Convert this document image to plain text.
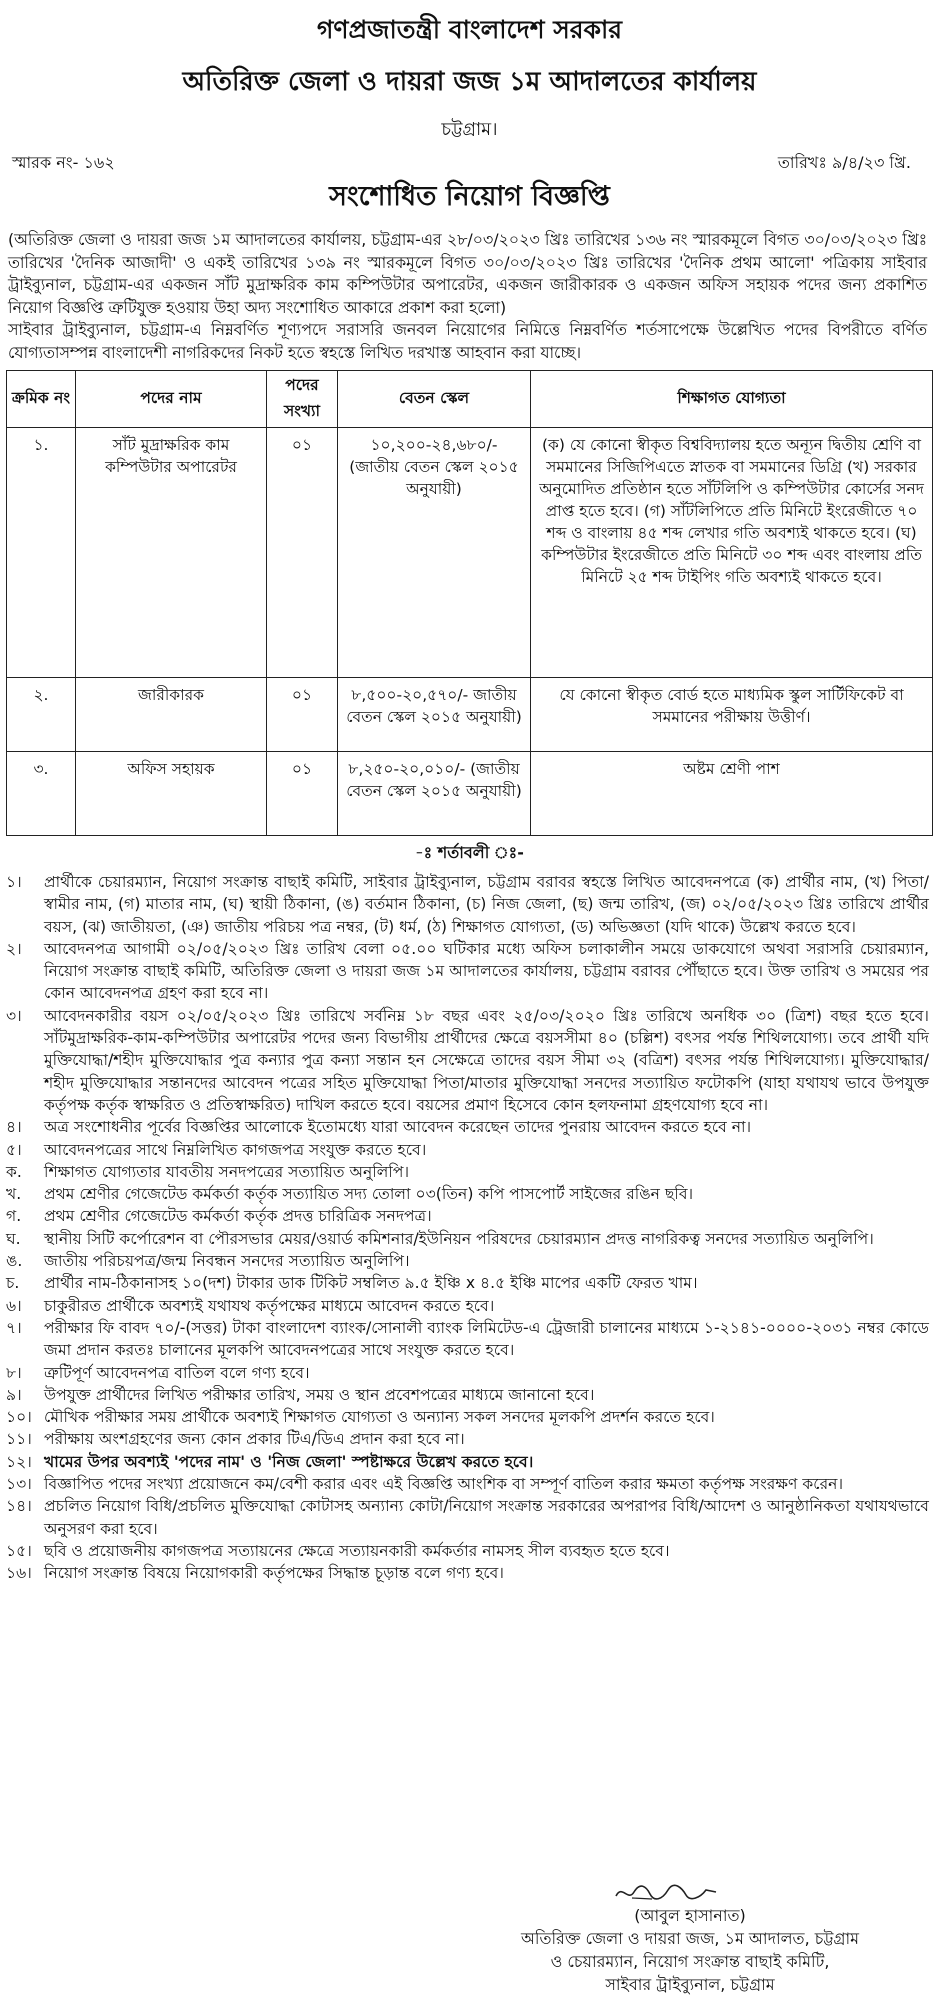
গণপ্রজাতন্ত্রী বাংলাদেশ সরকার
অতিরিক্ত জেলা ও দায়রা জজ ১ম আদালতের কার্যালয়
চট্টগ্রাম।
স্মারক নং- ১৬২	তারিখঃ ৯/৪/২৩ খ্রি.
সংশোধিত নিয়োগ বিজ্ঞপ্তি

(অতিরিক্ত জেলা ও দায়রা জজ ১ম আদালতের কার্যালয়, চট্টগ্রাম-এর ২৮/০৩/২০২৩ খ্রিঃ তারিখের ১৩৬ নং স্মারকমূলে বিগত ৩০/০৩/২০২৩ খ্রিঃ তারিখের 'দৈনিক আজাদী' ও একই তারিখের ১৩৯ নং স্মারকমূলে বিগত ৩০/০৩/২০২৩ খ্রিঃ তারিখের 'দৈনিক প্রথম আলো' পত্রিকায় সাইবার ট্রাইব্যুনাল, চট্টগ্রাম-এর একজন সাঁট মুদ্রাক্ষরিক কাম কম্পিউটার অপারেটর, একজন জারীকারক ও একজন অফিস সহায়ক পদের জন্য প্রকাশিত নিয়োগ বিজ্ঞপ্তি ত্রুটিযুক্ত হওয়ায় উহা অদ্য সংশোধিত আকারে প্রকাশ করা হলো)

সাইবার ট্রাইব্যুনাল, চট্টগ্রাম-এ নিম্নবর্ণিত শূণ্যপদে সরাসরি জনবল নিয়োগের নিমিত্তে নিম্নবর্ণিত শর্তসাপেক্ষে উল্লেখিত পদের বিপরীতে বর্ণিত যোগ্যতাসম্পন্ন বাংলাদেশী নাগরিকদের নিকট হতে স্বহস্তে লিখিত দরখাস্ত আহবান করা যাচ্ছে।

ক্রমিক নং	পদের নাম	পদের সংখ্যা	বেতন স্কেল	শিক্ষাগত যোগ্যতা
১.	সাঁট মুদ্রাক্ষরিক কাম কম্পিউটার অপারেটর	০১	১০,২০০-২৪,৬৮০/- (জাতীয় বেতন স্কেল ২০১৫ অনুযায়ী)	(ক) যে কোনো স্বীকৃত বিশ্ববিদ্যালয় হতে অন্যূন দ্বিতীয় শ্রেণি বা সমমানের সিজিপিএতে স্নাতক বা সমমানের ডিগ্রি (খ) সরকার অনুমোদিত প্রতিষ্ঠান হতে সাঁটলিপি ও কম্পিউটার কোর্সের সনদ প্রাপ্ত হতে হবে। (গ) সাঁটলিপিতে প্রতি মিনিটে ইংরেজীতে ৭০ শব্দ ও বাংলায় ৪৫ শব্দ লেখার গতি অবশ্যই থাকতে হবে। (ঘ) কম্পিউটার ইংরেজীতে প্রতি মিনিটে ৩০ শব্দ এবং বাংলায় প্রতি মিনিটে ২৫ শব্দ টাইপিং গতি অবশ্যই থাকতে হবে।
২.	জারীকারক	০১	৮,৫০০-২০,৫৭০/- জাতীয় বেতন স্কেল ২০১৫ অনুযায়ী)	যে কোনো স্বীকৃত বোর্ড হতে মাধ্যমিক স্কুল সার্টিফিকেট বা সমমানের পরীক্ষায় উত্তীর্ণ।
৩.	অফিস সহায়ক	০১	৮,২৫০-২০,০১০/- (জাতীয় বেতন স্কেল ২০১৫ অনুযায়ী)	অষ্টম শ্রেণী পাশ
-ঃ শর্তাবলী ঃ-
১।	প্রার্থীকে চেয়ারম্যান, নিয়োগ সংক্রান্ত বাছাই কমিটি, সাইবার ট্রাইব্যুনাল, চট্টগ্রাম বরাবর স্বহস্তে লিখিত আবেদনপত্রে (ক) প্রার্থীর নাম, (খ) পিতা/স্বামীর নাম, (গ) মাতার নাম, (ঘ) স্থায়ী ঠিকানা, (ঙ) বর্তমান ঠিকানা, (চ) নিজ জেলা, (ছ) জন্ম তারিখ, (জ) ০২/০৫/২০২৩ খ্রিঃ তারিখে প্রার্থীর বয়স, (ঝ) জাতীয়তা, (ঞ) জাতীয় পরিচয় পত্র নম্বর, (ট) ধর্ম, (ঠ) শিক্ষাগত যোগ্যতা, (ড) অভিজ্ঞতা (যদি থাকে) উল্লেখ করতে হবে।
২।	আবেদনপত্র আগামী ০২/০৫/২০২৩ খ্রিঃ তারিখ বেলা ০৫.০০ ঘটিকার মধ্যে অফিস চলাকালীন সময়ে ডাকযোগে অথবা সরাসরি চেয়ারম্যান, নিয়োগ সংক্রান্ত বাছাই কমিটি, অতিরিক্ত জেলা ও দায়রা জজ ১ম আদালতের কার্যালয়, চট্টগ্রাম বরাবর পৌঁছাতে হবে। উক্ত তারিখ ও সময়ের পর কোন আবেদনপত্র গ্রহণ করা হবে না।
৩।	আবেদনকারীর বয়স ০২/০৫/২০২৩ খ্রিঃ তারিখে সর্বনিম্ন ১৮ বছর এবং ২৫/০৩/২০২০ খ্রিঃ তারিখে অনধিক ৩০ (ত্রিশ) বছর হতে হবে। সাঁটমুদ্রাক্ষরিক-কাম-কম্পিউটার অপারেটর পদের জন্য বিভাগীয় প্রার্থীদের ক্ষেত্রে বয়সসীমা ৪০ (চল্লিশ) বৎসর পর্যন্ত শিথিলযোগ্য। তবে প্রার্থী যদি মুক্তিযোদ্ধা/শহীদ মুক্তিযোদ্ধার পুত্র কন্যার পুত্র কন্যা সন্তান হন সেক্ষেত্রে তাদের বয়স সীমা ৩২ (বত্রিশ) বৎসর পর্যন্ত শিথিলযোগ্য। মুক্তিযোদ্ধার/শহীদ মুক্তিযোদ্ধার সন্তানদের আবেদন পত্রের সহিত মুক্তিযোদ্ধা পিতা/মাতার মুক্তিযোদ্ধা সনদের সত্যায়িত ফটোকপি (যাহা যথাযথ ভাবে উপযুক্ত কর্তৃপক্ষ কর্তৃক স্বাক্ষরিত ও প্রতিস্বাক্ষরিত) দাখিল করতে হবে। বয়সের প্রমাণ হিসেবে কোন হলফনামা গ্রহণযোগ্য হবে না।
৪।	অত্র সংশোধনীর পূর্বের বিজ্ঞপ্তির আলোকে ইতোমধ্যে যারা আবেদন করেছেন তাদের পুনরায় আবেদন করতে হবে না।
৫।	আবেদনপত্রের সাথে নিম্নলিখিত কাগজপত্র সংযুক্ত করতে হবে।
ক.	শিক্ষাগত যোগ্যতার যাবতীয় সনদপত্রের সত্যায়িত অনুলিপি।
খ.	প্রথম শ্রেণীর গেজেটেড কর্মকর্তা কর্তৃক সত্যায়িত সদ্য তোলা ০৩(তিন) কপি পাসপোর্ট সাইজের রঙিন ছবি।
গ.	প্রথম শ্রেণীর গেজেটেড কর্মকর্তা কর্তৃক প্রদত্ত চারিত্রিক সনদপত্র।
ঘ.	স্থানীয় সিটি কর্পোরেশন বা পৌরসভার মেয়র/ওয়ার্ড কমিশনার/ইউনিয়ন পরিষদের চেয়ারম্যান প্রদত্ত নাগরিকত্ব সনদের সত্যায়িত অনুলিপি।
ঙ.	জাতীয় পরিচয়পত্র/জন্ম নিবন্ধন সনদের সত্যায়িত অনুলিপি।
চ.	প্রার্থীর নাম-ঠিকানাসহ ১০(দশ) টাকার ডাক টিকিট সম্বলিত ৯.৫ ইঞ্চি x ৪.৫ ইঞ্চি মাপের একটি ফেরত খাম।
৬।	চাকুরীরত প্রার্থীকে অবশ্যই যথাযথ কর্তৃপক্ষের মাধ্যমে আবেদন করতে হবে।
৭।	পরীক্ষার ফি বাবদ ৭০/-(সত্তর) টাকা বাংলাদেশ ব্যাংক/সোনালী ব্যাংক লিমিটেড-এ ট্রেজারী চালানের মাধ্যমে ১-২১৪১-০০০০-২০৩১ নম্বর কোডে জমা প্রদান করতঃ চালানের মূলকপি আবেদনপত্রের সাথে সংযুক্ত করতে হবে।
৮।	ত্রুটিপূর্ণ আবেদনপত্র বাতিল বলে গণ্য হবে।
৯।	উপযুক্ত প্রার্থীদের লিখিত পরীক্ষার তারিখ, সময় ও স্থান প্রবেশপত্রের মাধ্যমে জানানো হবে।
১০। মৌখিক পরীক্ষার সময় প্রার্থীকে অবশ্যই শিক্ষাগত যোগ্যতা ও অন্যান্য সকল সনদের মূলকপি প্রদর্শন করতে হবে।
১১। পরীক্ষায় অংশগ্রহণের জন্য কোন প্রকার টিএ/ডিএ প্রদান করা হবে না।
১২। খামের উপর অবশ্যই 'পদের নাম' ও 'নিজ জেলা' স্পষ্টাক্ষরে উল্লেখ করতে হবে।
১৩। বিজ্ঞাপিত পদের সংখ্যা প্রয়োজনে কম/বেশী করার এবং এই বিজ্ঞপ্তি আংশিক বা সম্পূর্ণ বাতিল করার ক্ষমতা কর্তৃপক্ষ সংরক্ষণ করেন।
১৪। প্রচলিত নিয়োগ বিধি/প্রচলিত মুক্তিযোদ্ধা কোটাসহ অন্যান্য কোটা/নিয়োগ সংক্রান্ত সরকারের অপরাপর বিধি/আদেশ ও আনুষ্ঠানিকতা যথাযথভাবে অনুসরণ করা হবে।
১৫। ছবি ও প্রয়োজনীয় কাগজপত্র সত্যায়নের ক্ষেত্রে সত্যায়নকারী কর্মকর্তার নামসহ সীল ব্যবহৃত হতে হবে।
১৬। নিয়োগ সংক্রান্ত বিষয়ে নিয়োগকারী কর্তৃপক্ষের সিদ্ধান্ত চূড়ান্ত বলে গণ্য হবে।
(আবুল হাসানাত)
অতিরিক্ত জেলা ও দায়রা জজ, ১ম আদালত, চট্টগ্রাম
ও চেয়ারম্যান, নিয়োগ সংক্রান্ত বাছাই কমিটি,
সাইবার ট্রাইব্যুনাল, চট্টগ্রাম
